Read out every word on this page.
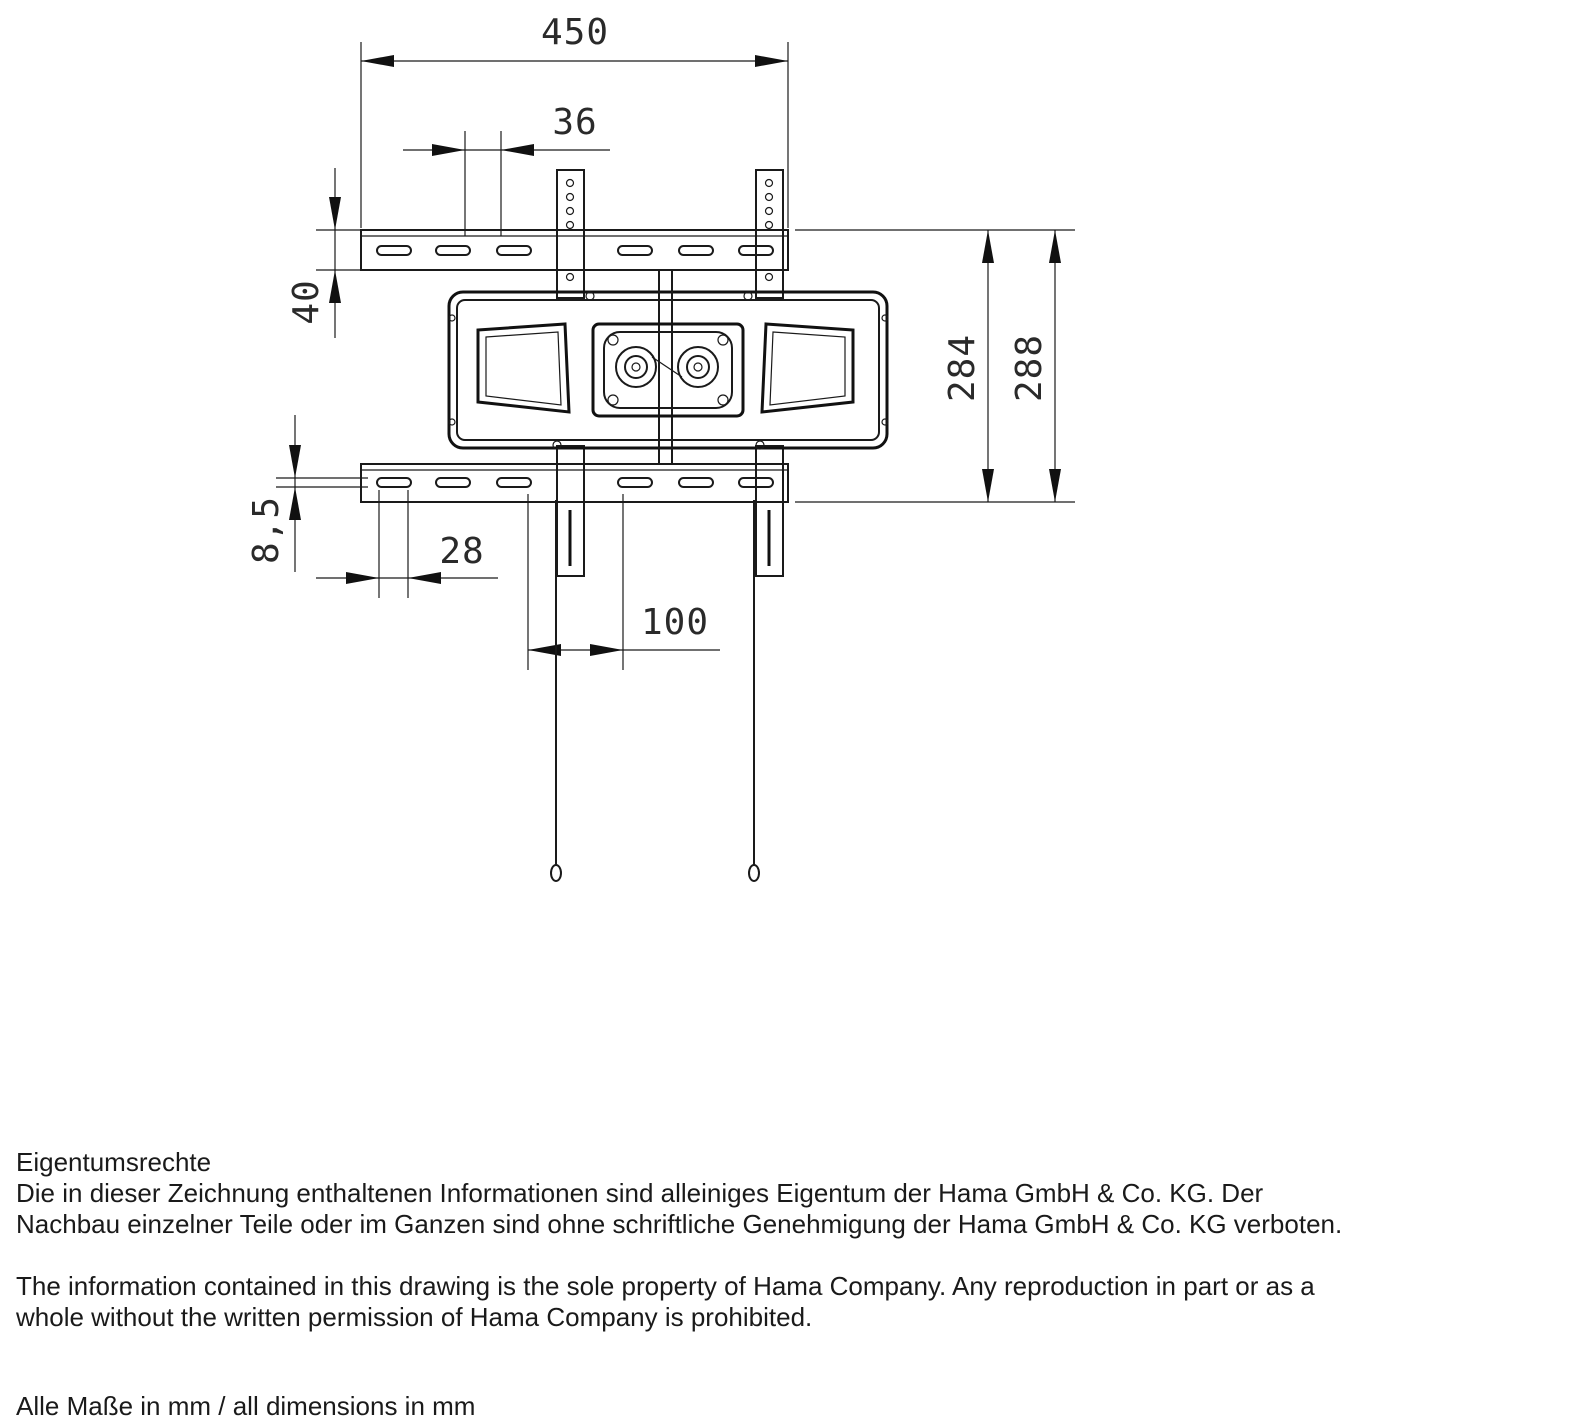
450
36
40
284 288
8,5	28
100

Eigentumsrechte

Die in dieser Zeichnung enthaltenen Informationen sind alleiniges Eigentum der Hama GmbH & Co. KG. Der

Nachbau einzelner Teile oder im Ganzen sind ohne schriftliche Genehmigung der Hama GmbH & Co. KG verboten.

The information contained in this drawing is the sole property of Hama Company. Any reproduction in part or as a

whole without the written permission of Hama Company is prohibited.

Alle Maße in mm / all dimensions in mm
